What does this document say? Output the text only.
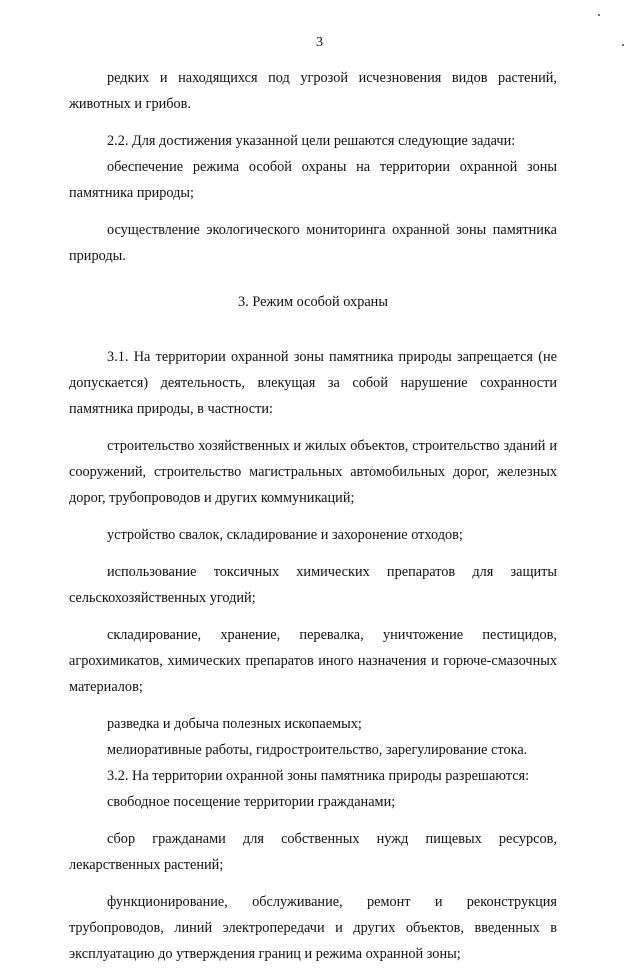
3

редких и находящихся под угрозой исчезновения видов растений, животных и грибов.

2.2. Для достижения указанной цели решаются следующие задачи:

обеспечение режима особой охраны на территории охранной зоны памятника природы;

осуществление экологического мониторинга охранной зоны памятника природы.

3. Режим особой охраны

3.1. На территории охранной зоны памятника природы запрещается (не допускается) деятельность, влекущая за собой нарушение сохранности памятника природы, в частности:

строительство хозяйственных и жилых объектов, строительство зданий и сооружений, строительство магистральных автомобильных дорог, железных дорог, трубопроводов и других коммуникаций;

устройство свалок, складирование и захоронение отходов;

использование токсичных химических препаратов для защиты сельскохозяйственных угодий;

складирование, хранение, перевалка, уничтожение пестицидов, агрохимикатов, химических препаратов иного назначения и горюче-смазочных материалов;

разведка и добыча полезных ископаемых;

мелиоративные работы, гидростроительство, зарегулирование стока.

3.2. На территории охранной зоны памятника природы разрешаются:

свободное посещение территории гражданами;

сбор гражданами для собственных нужд пищевых ресурсов, лекарственных растений;

функционирование, обслуживание, ремонт и реконструкция трубопроводов, линий электропередачи и других объектов, введенных в эксплуатацию до утверждения границ и режима охранной зоны;
